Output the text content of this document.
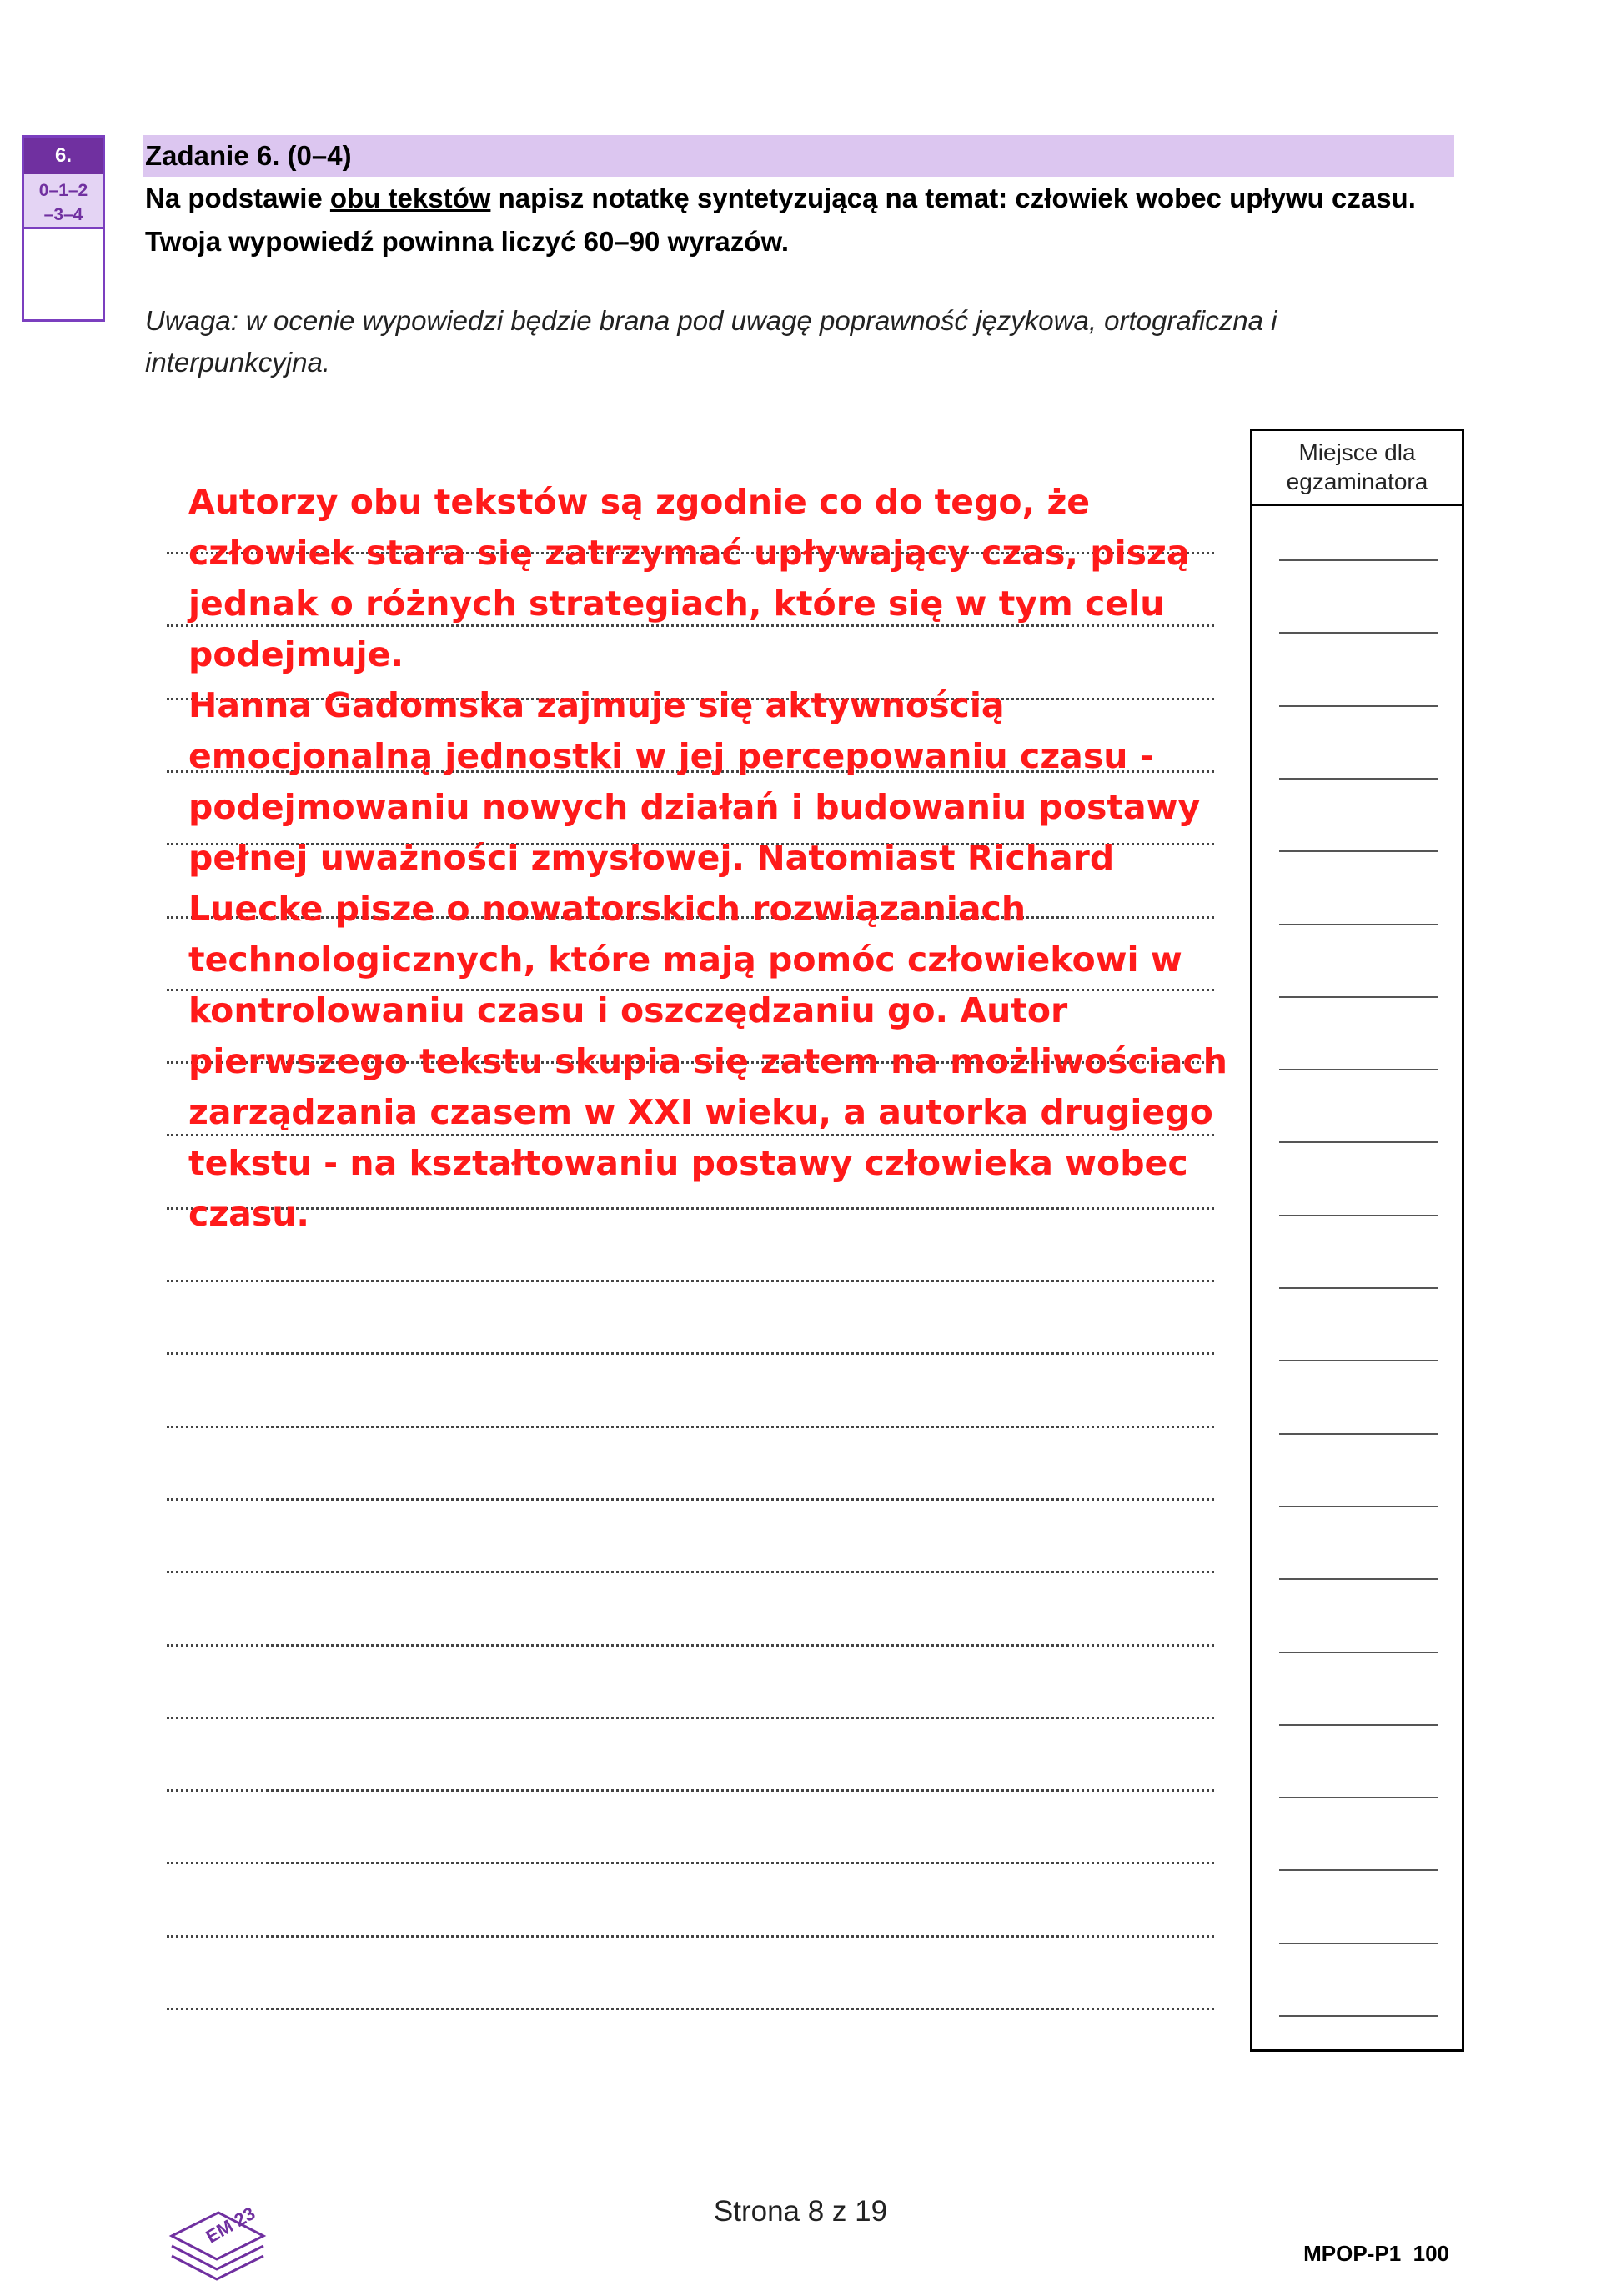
6.
0–1–2
–3–4
Zadanie 6. (0–4)
Na podstawie obu tekstów napisz notatkę syntetyzującą na temat: człowiek wobec upływu czasu. Twoja wypowiedź powinna liczyć 60–90 wyrazów.
Uwaga: w ocenie wypowiedzi będzie brana pod uwagę poprawność językowa, ortograficzna i interpunkcyjna.

Autorzy obu tekstów są zgodnie co do tego, że człowiek stara się zatrzymać upływający czas, piszą jednak o różnych strategiach, które się w tym celu podejmuje.

Hanna Gadomska zajmuje się aktywnością emocjonalną jednostki w jej percepowaniu czasu - podejmowaniu nowych działań i budowaniu postawy pełnej uważności zmysłowej. Natomiast Richard Luecke pisze o nowatorskich rozwiązaniach technologicznych, które mają pomóc człowiekowi w kontrolowaniu czasu i oszczędzaniu go. Autor pierwszego tekstu skupia się zatem na możliwościach zarządzania czasem w XXI wieku, a autorka drugiego tekstu - na kształtowaniu postawy człowieka wobec czasu.

Miejsce dla egzaminatora
EM 23	Strona 8 z 19
MPOP-P1_100
